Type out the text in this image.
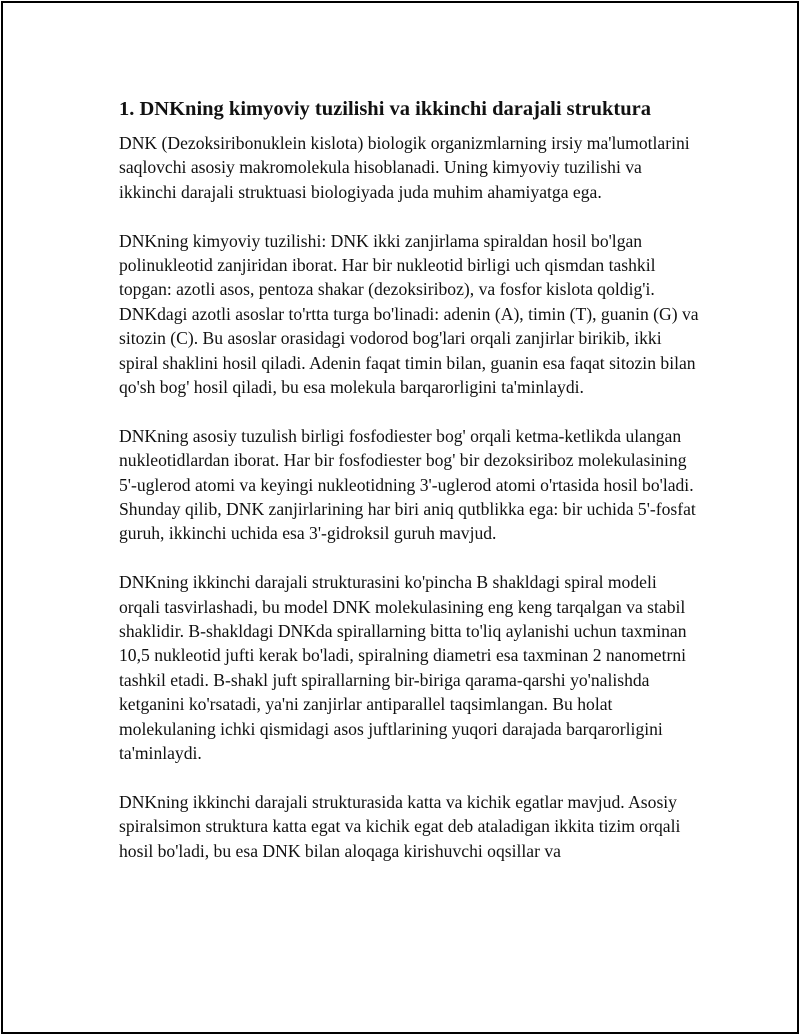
1. DNKning kimyoviy tuzilishi va ikkinchi darajali struktura

DNK (Dezoksiribonuklein kislota) biologik organizmlarning irsiy ma'lumotlarini saqlovchi asosiy makromolekula hisoblanadi. Uning kimyoviy tuzilishi va ikkinchi darajali struktuasi biologiyada juda muhim ahamiyatga ega.

DNKning kimyoviy tuzilishi: DNK ikki zanjirlama spiraldan hosil bo'lgan polinukleotid zanjiridan iborat. Har bir nukleotid birligi uch qismdan tashkil topgan: azotli asos, pentoza shakar (dezoksiriboz), va fosfor kislota qoldig'i. DNKdagi azotli asoslar to'rtta turga bo'linadi: adenin (A), timin (T), guanin (G) va sitozin (C). Bu asoslar orasidagi vodorod bog'lari orqali zanjirlar birikib, ikki spiral shaklini hosil qiladi. Adenin faqat timin bilan, guanin esa faqat sitozin bilan qo'sh bog' hosil qiladi, bu esa molekula barqarorligini ta'minlaydi.

DNKning asosiy tuzulish birligi fosfodiester bog' orqali ketma-ketlikda ulangan nukleotidlardan iborat. Har bir fosfodiester bog' bir dezoksiriboz molekulasining 5'-uglerod atomi va keyingi nukleotidning 3'-uglerod atomi o'rtasida hosil bo'ladi. Shunday qilib, DNK zanjirlarining har biri aniq qutblikka ega: bir uchida 5'-fosfat guruh, ikkinchi uchida esa 3'-gidroksil guruh mavjud.

DNKning ikkinchi darajali strukturasini ko'pincha B shakldagi spiral modeli orqali tasvirlashadi, bu model DNK molekulasining eng keng tarqalgan va stabil shaklidir. B-shakldagi DNKda spirallarning bitta to'liq aylanishi uchun taxminan 10,5 nukleotid jufti kerak bo'ladi, spiralning diametri esa taxminan 2 nanometrni tashkil etadi. B-shakl juft spirallarning bir-biriga qarama-qarshi yo'nalishda ketganini ko'rsatadi, ya'ni zanjirlar antiparallel taqsimlangan. Bu holat molekulaning ichki qismidagi asos juftlarining yuqori darajada barqarorligini ta'minlaydi.

DNKning ikkinchi darajali strukturasida katta va kichik egatlar mavjud. Asosiy spiralsimon struktura katta egat va kichik egat deb ataladigan ikkita tizim orqali hosil bo'ladi, bu esa DNK bilan aloqaga kirishuvchi oqsillar va
